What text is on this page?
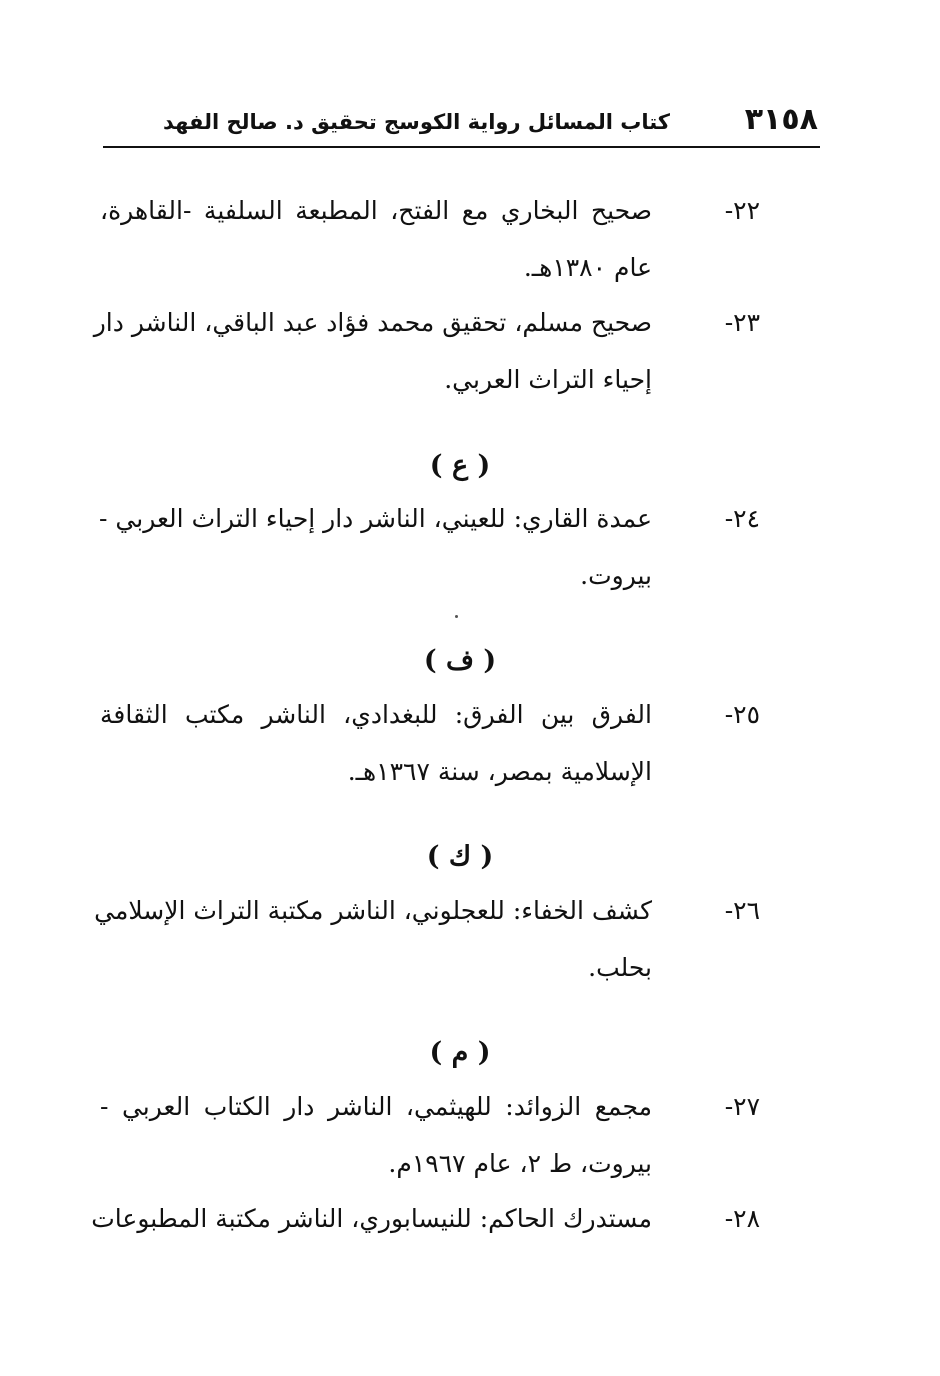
٣١٥٨
كتاب المسائل رواية الكوسج تحقيق د. صالح الفهد
٢٢-
صحيح البخاري مع الفتح، المطبعة السلفية -القاهرة،
عام ١٣٨٠هـ.
٢٣-
صحيح مسلم، تحقيق محمد فؤاد عبد الباقي، الناشر دار
إحياء التراث العربي.
( ع )
٢٤-
عمدة القاري: للعيني، الناشر دار إحياء التراث العربي -
بيروت.
( ف )
٢٥-
الفرق بين الفرق: للبغدادي، الناشر مكتب الثقافة
الإسلامية بمصر، سنة ١٣٦٧هـ.
( ك )
٢٦-
كشف الخفاء: للعجلوني، الناشر مكتبة التراث الإسلامي
بحلب.
( م )
٢٧-
مجمع الزوائد: للهيثمي، الناشر دار الكتاب العربي -
بيروت، ط ٢، عام ١٩٦٧م.
٢٨-
مستدرك الحاكم: للنيسابوري، الناشر مكتبة المطبوعات
